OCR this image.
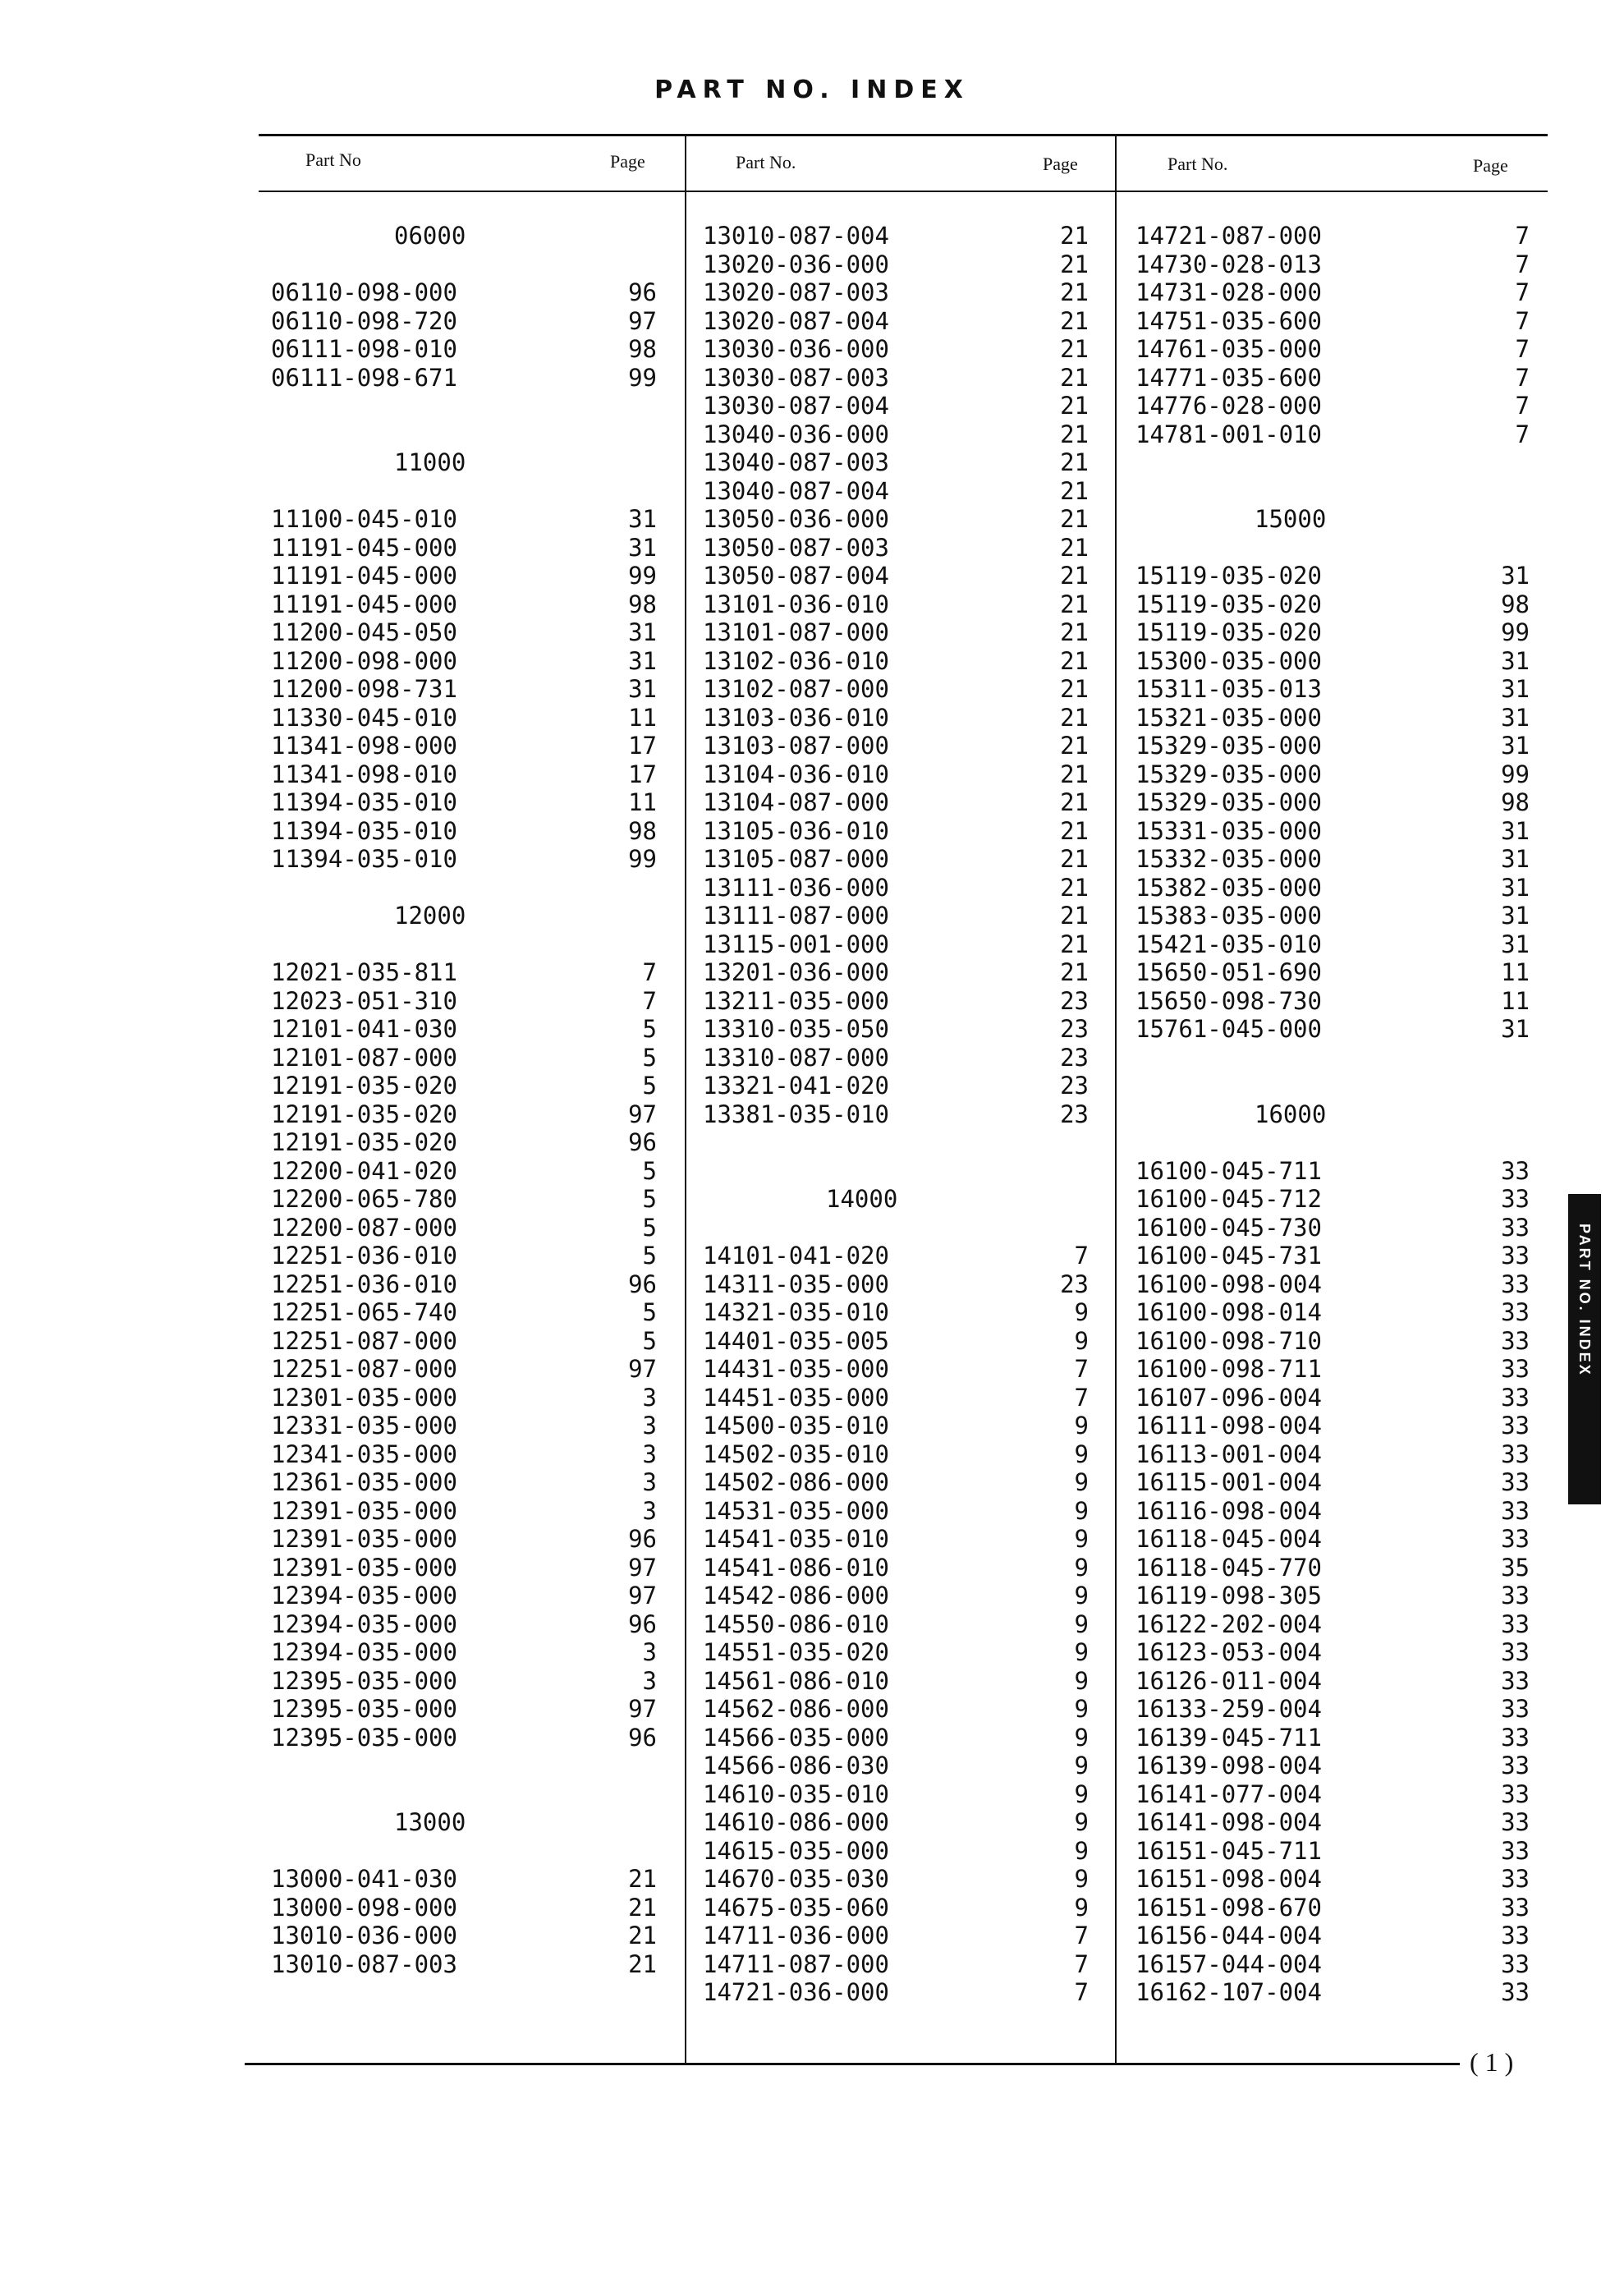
PART NO. INDEX
Part No	Page	Part No.	Page	Part No.	Page
06000
06110-098-000	96
06110-098-720	97
06111-098-010	98
06111-098-671	99
11000
11100-045-010	31
11191-045-000	31
11191-045-000	99
11191-045-000	98
11200-045-050	31
11200-098-000	31
11200-098-731	31
11330-045-010	11
11341-098-000	17
11341-098-010	17
11394-035-010	11
11394-035-010	98
11394-035-010	99
12000
12021-035-811	7
12023-051-310	7
12101-041-030	5
12101-087-000	5
12191-035-020	5
12191-035-020	97
12191-035-020	96
12200-041-020	5
12200-065-780	5
12200-087-000	5
12251-036-010	5
12251-036-010	96
12251-065-740	5
12251-087-000	5
12251-087-000	97
12301-035-000	3
12331-035-000	3
12341-035-000	3
12361-035-000	3
12391-035-000	3
12391-035-000	96
12391-035-000	97
12394-035-000	97
12394-035-000	96
12394-035-000	3
12395-035-000	3
12395-035-000	97
12395-035-000	96
13000
13000-041-030	21
13000-098-000	21
13010-036-000	21
13010-087-003	21
13010-087-004	21
13020-036-000	21
13020-087-003	21
13020-087-004	21
13030-036-000	21
13030-087-003	21
13030-087-004	21
13040-036-000	21
13040-087-003	21
13040-087-004	21
13050-036-000	21
13050-087-003	21
13050-087-004	21
13101-036-010	21
13101-087-000	21
13102-036-010	21
13102-087-000	21
13103-036-010	21
13103-087-000	21
13104-036-010	21
13104-087-000	21
13105-036-010	21
13105-087-000	21
13111-036-000	21
13111-087-000	21
13115-001-000	21
13201-036-000	21
13211-035-000	23
13310-035-050	23
13310-087-000	23
13321-041-020	23
13381-035-010	23
14000
14101-041-020	7
14311-035-000	23
14321-035-010	9
14401-035-005	9
14431-035-000	7
14451-035-000	7
14500-035-010	9
14502-035-010	9
14502-086-000	9
14531-035-000	9
14541-035-010	9
14541-086-010	9
14542-086-000	9
14550-086-010	9
14551-035-020	9
14561-086-010	9
14562-086-000	9
14566-035-000	9
14566-086-030	9
14610-035-010	9
14610-086-000	9
14615-035-000	9
14670-035-030	9
14675-035-060	9
14711-036-000	7
14711-087-000	7
14721-036-000	7
14721-087-000	7
14730-028-013	7
14731-028-000	7
14751-035-600	7
14761-035-000	7
14771-035-600	7
14776-028-000	7
14781-001-010	7
15000
15119-035-020	31
15119-035-020	98
15119-035-020	99
15300-035-000	31
15311-035-013	31
15321-035-000	31
15329-035-000	31
15329-035-000	99
15329-035-000	98
15331-035-000	31
15332-035-000	31
15382-035-000	31
15383-035-000	31
15421-035-010	31
15650-051-690	11
15650-098-730	11
15761-045-000	31
16000
16100-045-711	33
16100-045-712	33
16100-045-730	33
16100-045-731	33
16100-098-004	33
16100-098-014	33
16100-098-710	33
16100-098-711	33
16107-096-004	33
16111-098-004	33
16113-001-004	33
16115-001-004	33
16116-098-004	33
16118-045-004	33
16118-045-770	35
16119-098-305	33
16122-202-004	33
16123-053-004	33
16126-011-004	33
16133-259-004	33
16139-045-711	33
16139-098-004	33
16141-077-004	33
16141-098-004	33
16151-045-711	33
16151-098-004	33
16151-098-670	33
16156-044-004	33
16157-044-004	33
16162-107-004	33
PART NO. INDEX
( 1 )
